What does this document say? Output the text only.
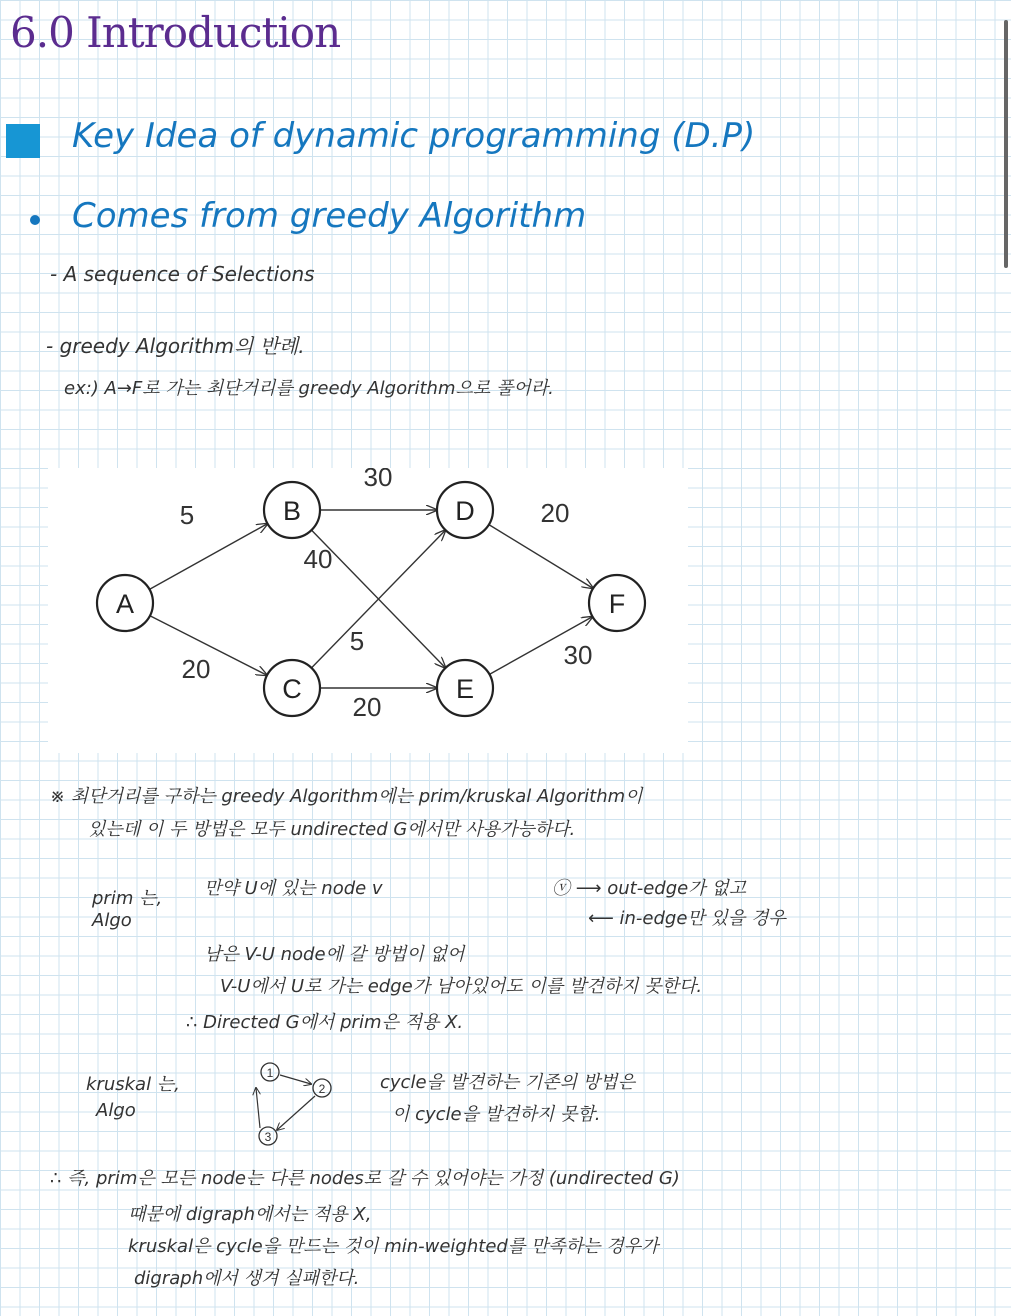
6.0 Introduction
Key Idea of dynamic programming (D.P)
Comes from greedy Algorithm
- A sequence of Selections
- greedy Algorithm의 반례.
ex:) A→F로 가는 최단거리를 greedy Algorithm으로 풀어라.
A
B
C
D
E
F
5
20
30
40
5
20
20
30
※ 최단거리를 구하는 greedy Algorithm에는 prim/kruskal Algorithm이
있는데 이 두 방법은 모두 undirected G에서만 사용가능하다.
prim 는,
Algo
만약 U에 있는 node v	ⓥ ⟶ out-edge가 없고
⟵ in-edge만 있을 경우
남은 V-U node에 갈 방법이 없어
V-U에서 U로 가는 edge가 남아있어도 이를 발견하지 못한다.
∴ Directed G에서 prim은 적용 X.
kruskal 는,
Algo
1
2
3
cycle을 발견하는 기존의 방법은
이 cycle을 발견하지 못함.
∴ 즉, prim은 모든 node는 다른 nodes로 갈 수 있어야는 가정 (undirected G)
때문에 digraph에서는 적용 X,
kruskal은 cycle을 만드는 것이 min-weighted를 만족하는 경우가
digraph에서 생겨 실패한다.
